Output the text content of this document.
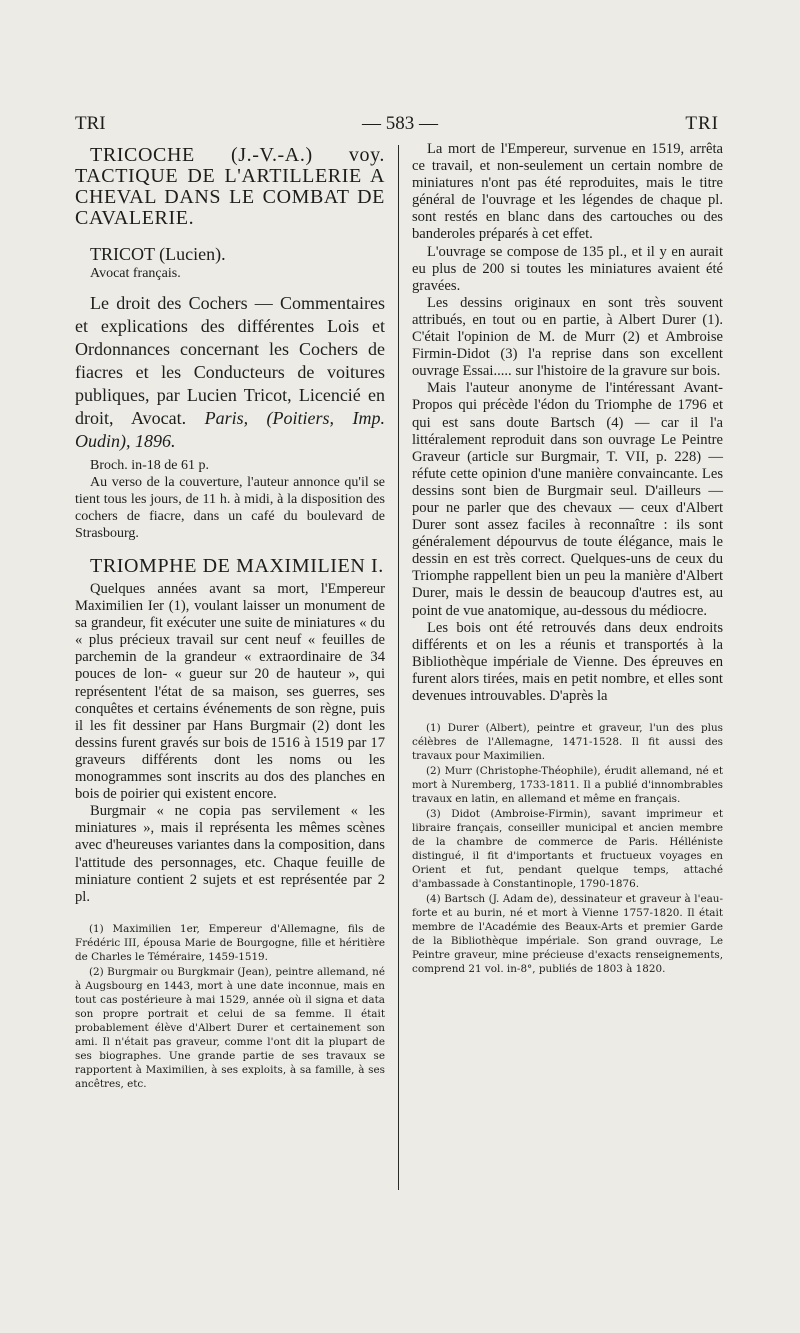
TRI	— 583 —	TRI

TRICOCHE (J.-V.-A.) voy. TACTIQUE DE L'ARTILLERIE A CHEVAL DANS LE COMBAT DE CAVALERIE.

TRICOT (Lucien).

Avocat français.

Le droit des Cochers — Commentaires et explications des différentes Lois et Ordonnances concernant les Cochers de fiacres et les Conducteurs de voitures publiques, par Lucien Tricot, Licencié en droit, Avocat. Paris, (Poitiers, Imp. Oudin), 1896.

Broch. in-18 de 61 p.

Au verso de la couverture, l'auteur annonce qu'il se tient tous les jours, de 11 h. à midi, à la disposition des cochers de fiacre, dans un café du boulevard de Strasbourg.

TRIOMPHE DE MAXIMILIEN I.

Quelques années avant sa mort, l'Empereur Maximilien Ier (1), voulant laisser un monument de sa grandeur, fit exécuter une suite de miniatures « du « plus précieux travail sur cent neuf « feuilles de parchemin de la grandeur « extraordinaire de 34 pouces de lon- « gueur sur 20 de hauteur », qui représentent l'état de sa maison, ses guerres, ses conquêtes et certains événements de son règne, puis il les fit dessiner par Hans Burgmair (2) dont les dessins furent gravés sur bois de 1516 à 1519 par 17 graveurs différents dont les noms ou les monogrammes sont inscrits au dos des planches en bois de poirier qui existent encore.

Burgmair « ne copia pas servilement « les miniatures », mais il représenta les mêmes scènes avec d'heureuses variantes dans la composition, dans l'attitude des personnages, etc. Chaque feuille de miniature contient 2 sujets et est représentée par 2 pl.

(1) Maximilien 1er, Empereur d'Allemagne, fils de Frédéric III, épousa Marie de Bourgogne, fille et héritière de Charles le Téméraire, 1459-1519.

(2) Burgmair ou Burgkmair (Jean), peintre allemand, né à Augsbourg en 1443, mort à une date inconnue, mais en tout cas postérieure à mai 1529, année où il signa et data son propre portrait et celui de sa femme. Il était probablement élève d'Albert Durer et certainement son ami. Il n'était pas graveur, comme l'ont dit la plupart de ses biographes. Une grande partie de ses travaux se rapportent à Maximilien, à ses exploits, à sa famille, à ses ancêtres, etc.

La mort de l'Empereur, survenue en 1519, arrêta ce travail, et non-seulement un certain nombre de miniatures n'ont pas été reproduites, mais le titre général de l'ouvrage et les légendes de chaque pl. sont restés en blanc dans des cartouches ou des banderoles préparés à cet effet.

L'ouvrage se compose de 135 pl., et il y en aurait eu plus de 200 si toutes les miniatures avaient été gravées.

Les dessins originaux en sont très souvent attribués, en tout ou en partie, à Albert Durer (1). C'était l'opinion de M. de Murr (2) et Ambroise Firmin-Didot (3) l'a reprise dans son excellent ouvrage Essai..... sur l'histoire de la gravure sur bois.

Mais l'auteur anonyme de l'intéressant Avant-Propos qui précède l'édon du Triomphe de 1796 et qui est sans doute Bartsch (4) — car il l'a littéralement reproduit dans son ouvrage Le Peintre Graveur (article sur Burgmair, T. VII, p. 228) — réfute cette opinion d'une manière convaincante. Les dessins sont bien de Burgmair seul. D'ailleurs — pour ne parler que des chevaux — ceux d'Albert Durer sont assez faciles à reconnaître : ils sont généralement dépourvus de toute élégance, mais le dessin en est très correct. Quelques-uns de ceux du Triomphe rappellent bien un peu la manière d'Albert Durer, mais le dessin de beaucoup d'autres est, au point de vue anatomique, au-dessous du médiocre.

Les bois ont été retrouvés dans deux endroits différents et on les a réunis et transportés à la Bibliothèque impériale de Vienne. Des épreuves en furent alors tirées, mais en petit nombre, et elles sont devenues introuvables. D'après la

(1) Durer (Albert), peintre et graveur, l'un des plus célèbres de l'Allemagne, 1471-1528. Il fit aussi des travaux pour Maximilien.

(2) Murr (Christophe-Théophile), érudit allemand, né et mort à Nuremberg, 1733-1811. Il a publié d'innombrables travaux en latin, en allemand et même en français.

(3) Didot (Ambroise-Firmin), savant imprimeur et libraire français, conseiller municipal et ancien membre de la chambre de commerce de Paris. Hélléniste distingué, il fit d'importants et fructueux voyages en Orient et fut, pendant quelque temps, attaché d'ambassade à Constantinople, 1790-1876.

(4) Bartsch (J. Adam de), dessinateur et graveur à l'eau-forte et au burin, né et mort à Vienne 1757-1820. Il était membre de l'Académie des Beaux-Arts et premier Garde de la Bibliothèque impériale. Son grand ouvrage, Le Peintre graveur, mine précieuse d'exacts renseignements, comprend 21 vol. in-8°, publiés de 1803 à 1820.
